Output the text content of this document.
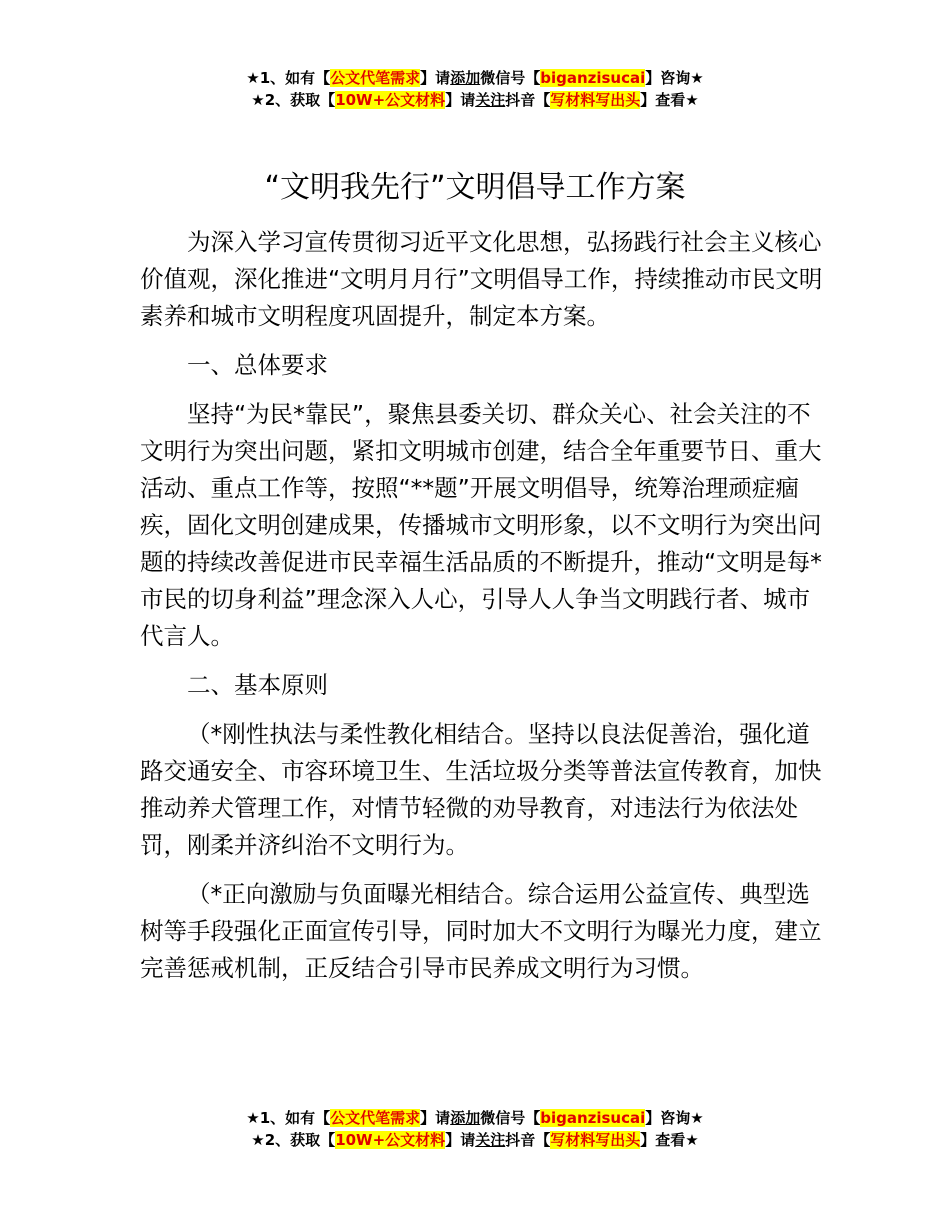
★1、如有【公文代笔需求】请添加微信号【biganzisucai】咨询★
★2、获取【10W+公文材料】请关注抖音【写材料写出头】查看★
“文明我先行”文明倡导工作方案

为深入学习宣传贯彻习近平文化思想，弘扬践行社会主义核心价值观，深化推进“文明月月行”文明倡导工作，持续推动市民文明素养和城市文明程度巩固提升，制定本方案。

一、总体要求

坚持“为民*靠民”，聚焦县委关切、群众关心、社会关注的不文明行为突出问题，紧扣文明城市创建，结合全年重要节日、重大活动、重点工作等，按照“**题”开展文明倡导，统筹治理顽症痼疾，固化文明创建成果，传播城市文明形象，以不文明行为突出问题的持续改善促进市民幸福生活品质的不断提升，推动“文明是每*市民的切身利益”理念深入人心，引导人人争当文明践行者、城市代言人。

二、基本原则

（*刚性执法与柔性教化相结合。坚持以良法促善治，强化道路交通安全、市容环境卫生、生活垃圾分类等普法宣传教育，加快推动养犬管理工作，对情节轻微的劝导教育，对违法行为依法处罚，刚柔并济纠治不文明行为。

（*正向激励与负面曝光相结合。综合运用公益宣传、典型选树等手段强化正面宣传引导，同时加大不文明行为曝光力度，建立完善惩戒机制，正反结合引导市民养成文明行为习惯。

★1、如有【公文代笔需求】请添加微信号【biganzisucai】咨询★
★2、获取【10W+公文材料】请关注抖音【写材料写出头】查看★
